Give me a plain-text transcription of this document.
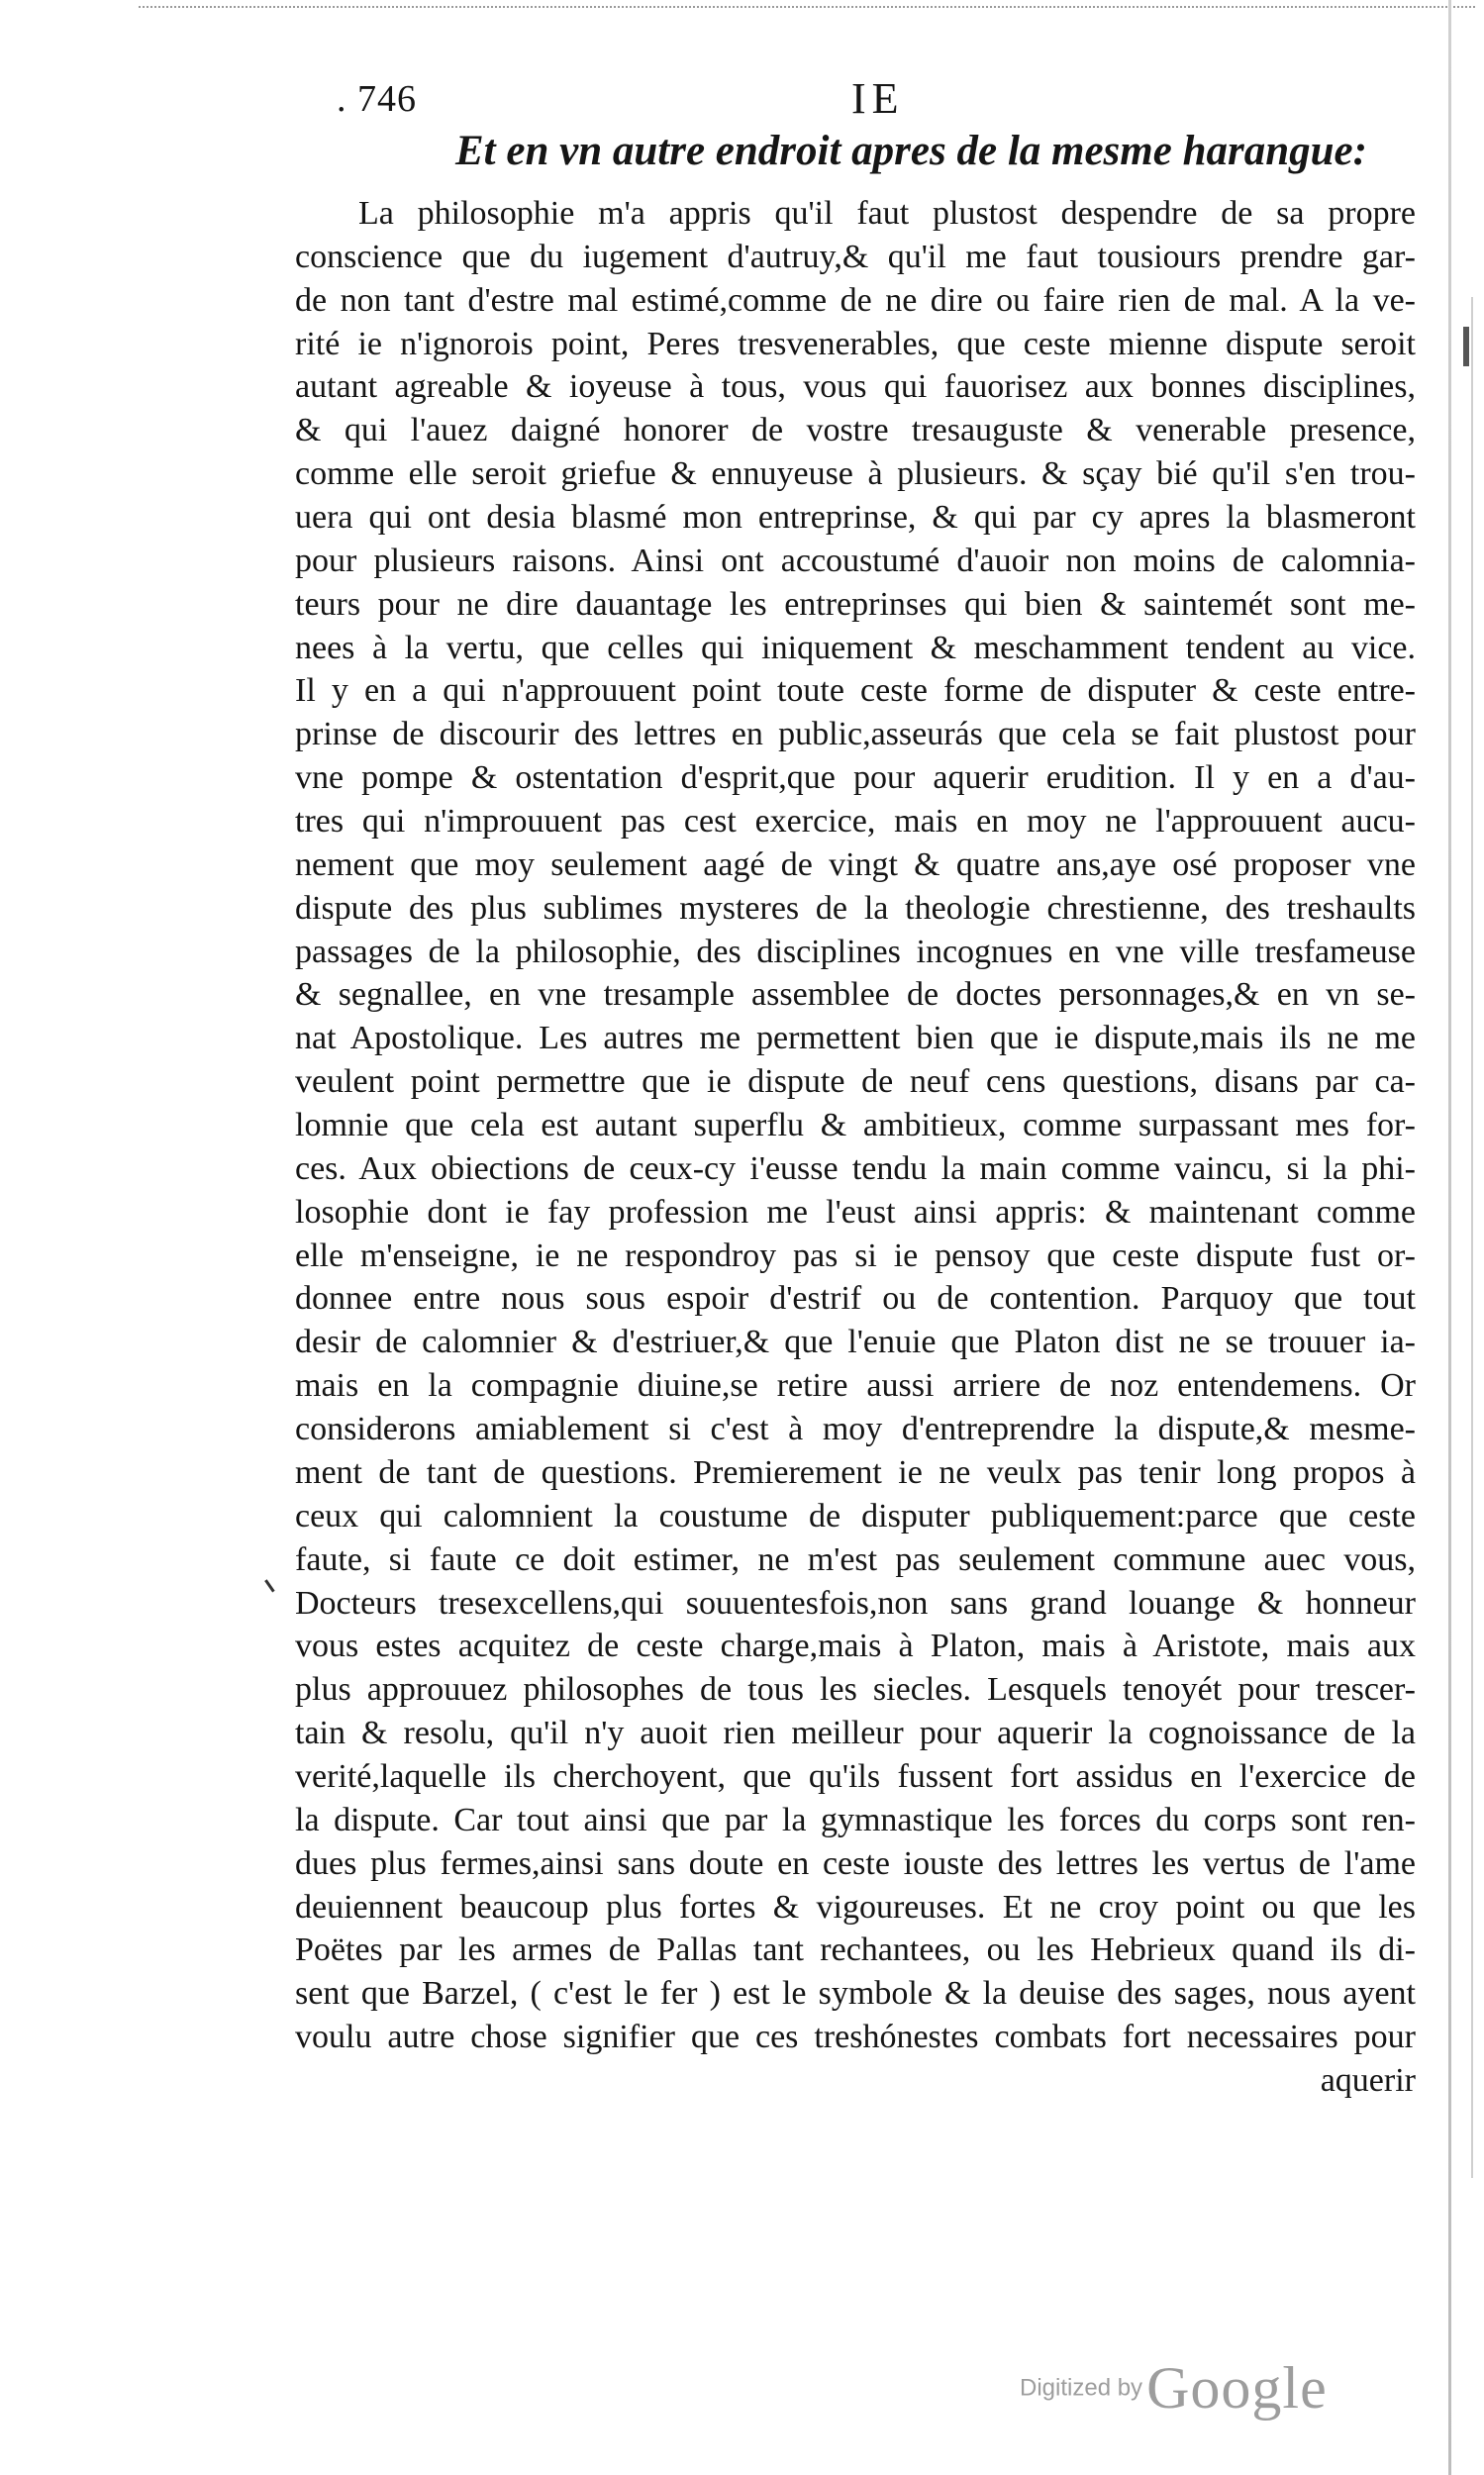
. 746	IE
Et en vn autre endroit apres de la mesme harangue:
La philosophie m'a appris qu'il faut plustost despendre de sa propre
conscience que du iugement d'autruy,& qu'il me faut tousiours prendre gar-
de non tant d'estre mal estimé,comme de ne dire ou faire rien de mal. A la ve-
rité ie n'ignorois point, Peres tresvenerables, que ceste mienne dispute seroit
autant agreable & ioyeuse à tous, vous qui fauorisez aux bonnes disciplines,
& qui l'auez daigné honorer de vostre tresauguste & venerable presence,
comme elle seroit griefue & ennuyeuse à plusieurs. & sçay bié qu'il s'en trou-
uera qui ont desia blasmé mon entreprinse, & qui par cy apres la blasmeront
pour plusieurs raisons. Ainsi ont accoustumé d'auoir non moins de calomnia-
teurs pour ne dire dauantage les entreprinses qui bien & saintemét sont me-
nees à la vertu, que celles qui iniquement & meschamment tendent au vice.
Il y en a qui n'approuuent point toute ceste forme de disputer & ceste entre-
prinse de discourir des lettres en public,asseurás que cela se fait plustost pour
vne pompe & ostentation d'esprit,que pour aquerir erudition. Il y en a d'au-
tres qui n'improuuent pas cest exercice, mais en moy ne l'approuuent aucu-
nement que moy seulement aagé de vingt & quatre ans,aye osé proposer vne
dispute des plus sublimes mysteres de la theologie chrestienne, des treshaults
passages de la philosophie, des disciplines incognues en vne ville tresfameuse
& segnallee, en vne tresample assemblee de doctes personnages,& en vn se-
nat Apostolique. Les autres me permettent bien que ie dispute,mais ils ne me
veulent point permettre que ie dispute de neuf cens questions, disans par ca-
lomnie que cela est autant superflu & ambitieux, comme surpassant mes for-
ces. Aux obiections de ceux-cy i'eusse tendu la main comme vaincu, si la phi-
losophie dont ie fay profession me l'eust ainsi appris: & maintenant comme
elle m'enseigne, ie ne respondroy pas si ie pensoy que ceste dispute fust or-
donnee entre nous sous espoir d'estrif ou de contention. Parquoy que tout
desir de calomnier & d'estriuer,& que l'enuie que Platon dist ne se trouuer ia-
mais en la compagnie diuine,se retire aussi arriere de noz entendemens. Or
considerons amiablement si c'est à moy d'entreprendre la dispute,& mesme-
ment de tant de questions. Premierement ie ne veulx pas tenir long propos à
ceux qui calomnient la coustume de disputer publiquement:parce que ceste
faute, si faute ce doit estimer, ne m'est pas seulement commune auec vous,
Docteurs tresexcellens,qui souuentesfois,non sans grand louange & honneur
vous estes acquitez de ceste charge,mais à Platon, mais à Aristote, mais aux
plus approuuez philosophes de tous les siecles. Lesquels tenoyét pour trescer-
tain & resolu, qu'il n'y auoit rien meilleur pour aquerir la cognoissance de la
verité,laquelle ils cherchoyent, que qu'ils fussent fort assidus en l'exercice de
la dispute. Car tout ainsi que par la gymnastique les forces du corps sont ren-
dues plus fermes,ainsi sans doute en ceste iouste des lettres les vertus de l'ame
deuiennent beaucoup plus fortes & vigoureuses. Et ne croy point ou que les
Poëtes par les armes de Pallas tant rechantees, ou les Hebrieux quand ils di-
sent que Barzel, ( c'est le fer ) est le symbole & la deuise des sages, nous ayent
voulu autre chose signifier que ces treshónestes combats fort necessaires pour
aquerir
Digitized by Google
